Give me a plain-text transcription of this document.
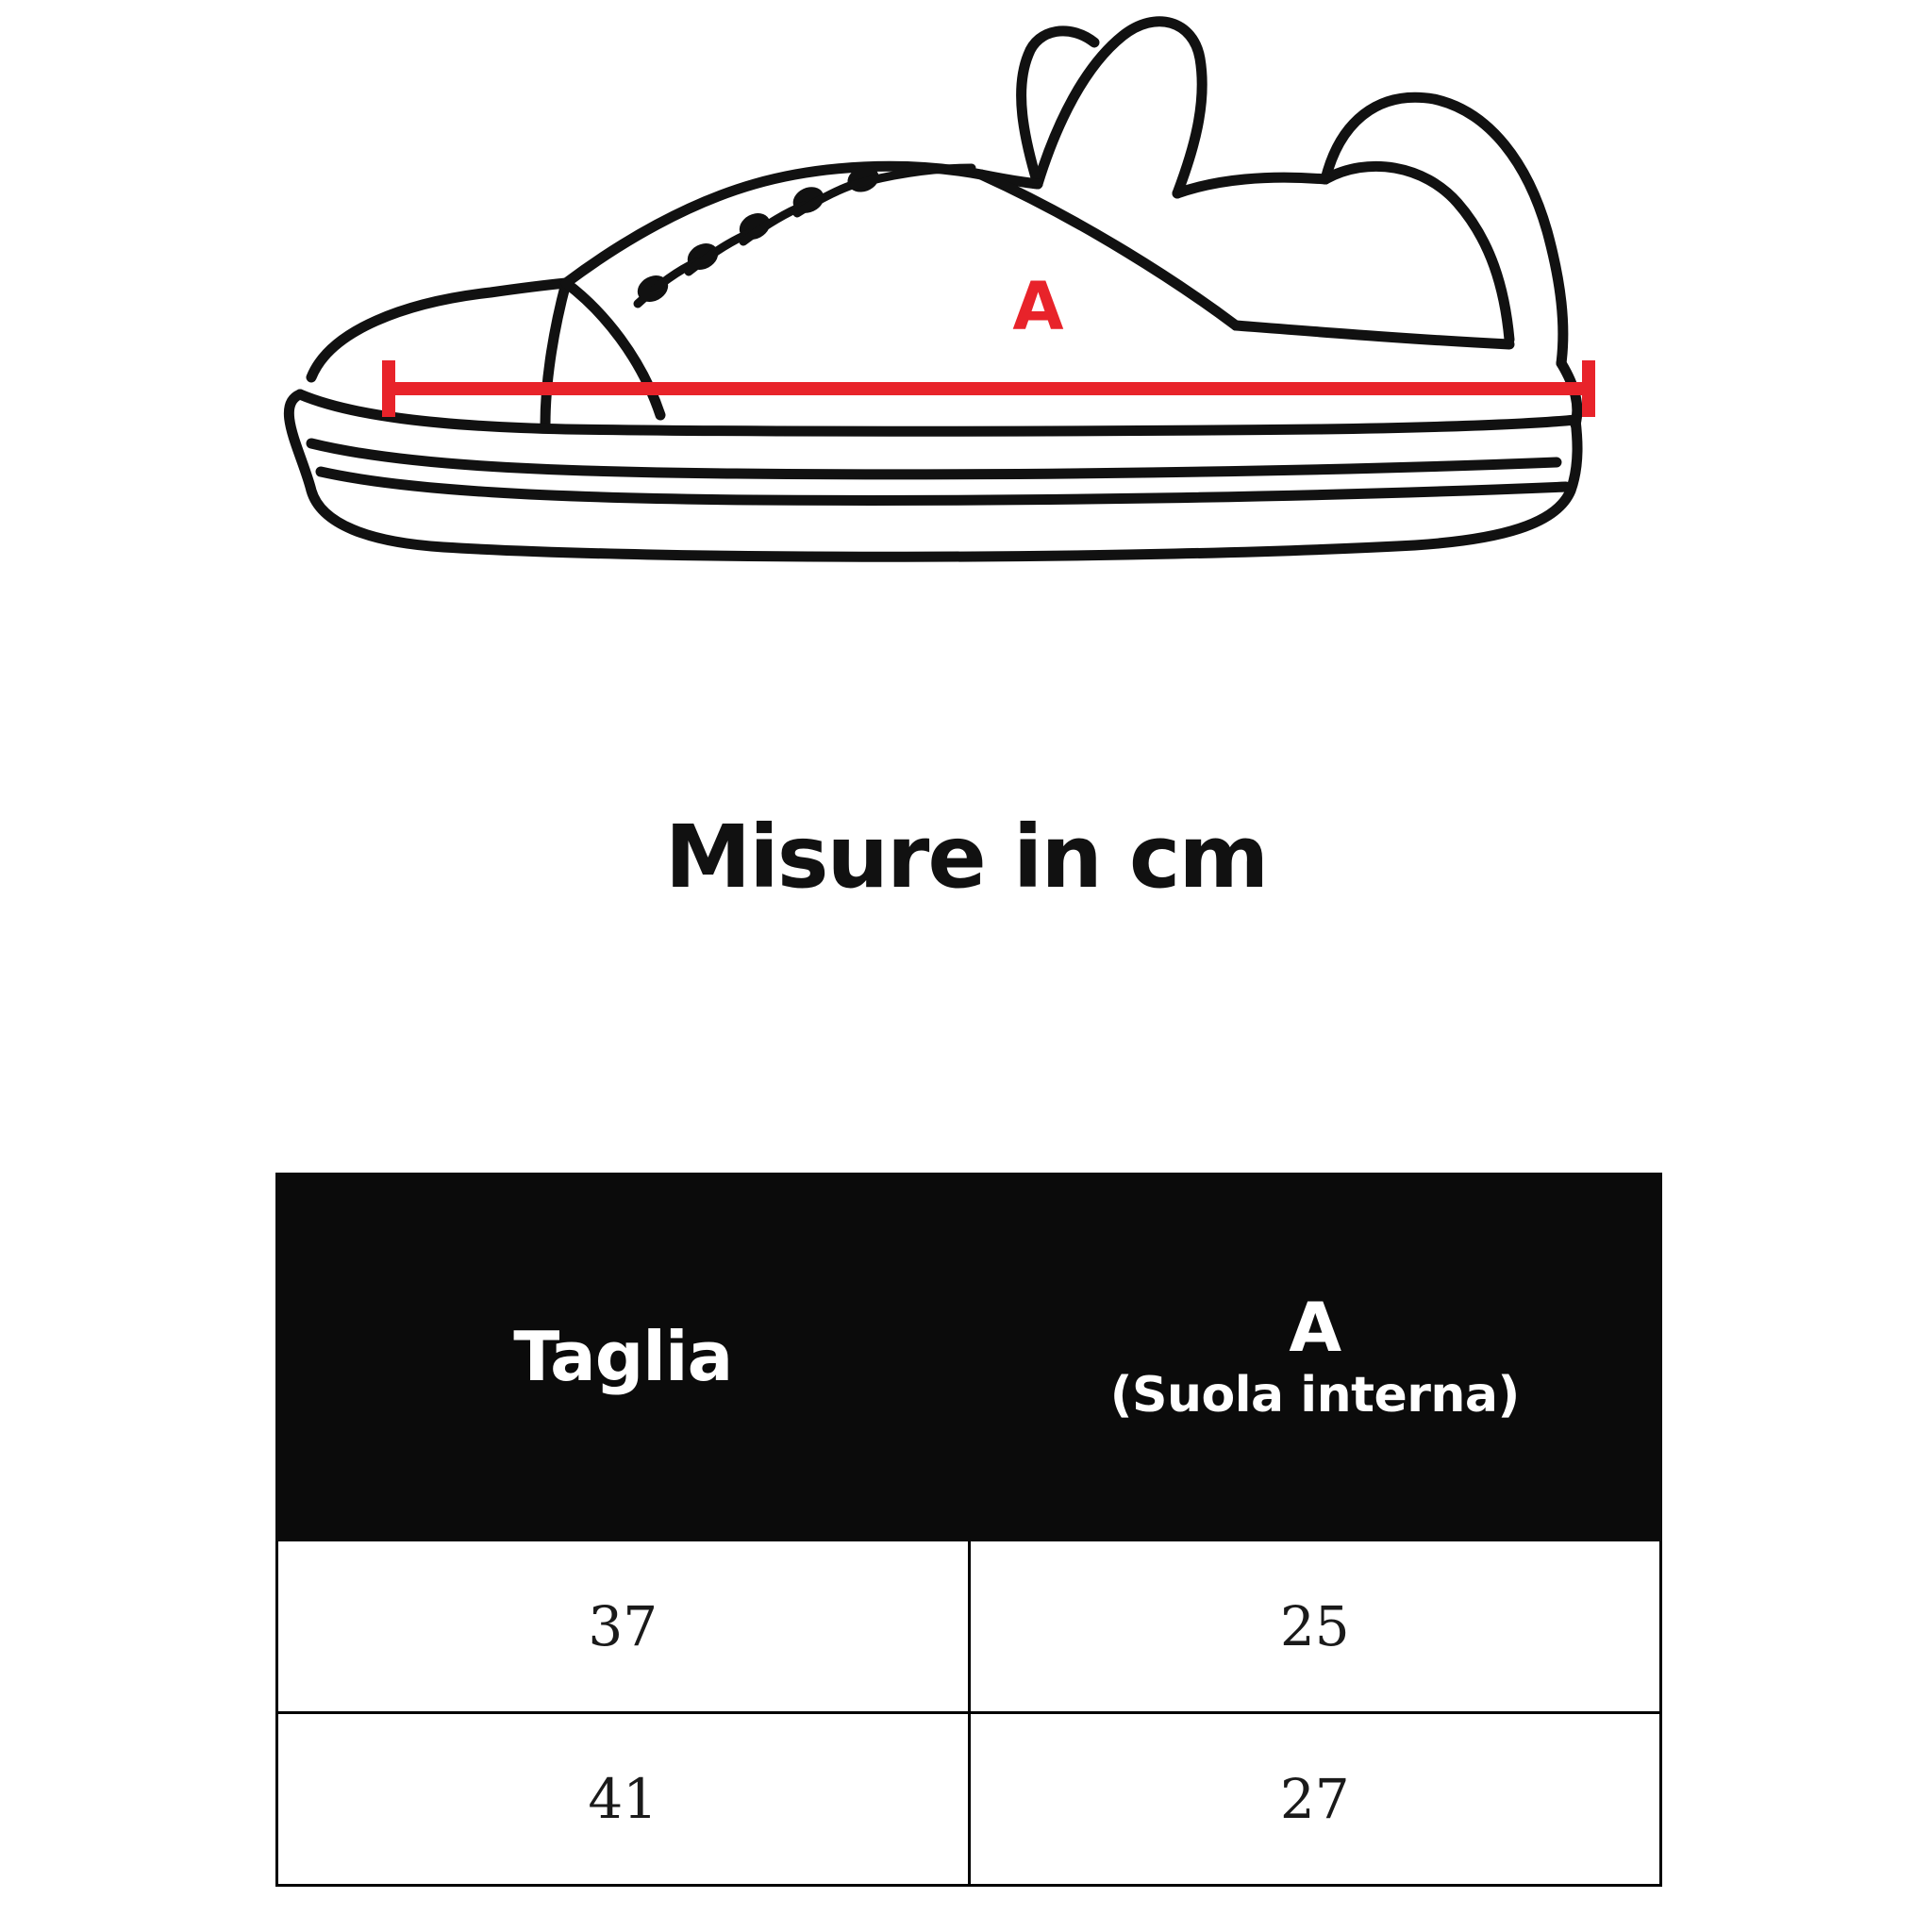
A
Misure in cm
Taglia	A
(Suola interna)

37	25
41	27
